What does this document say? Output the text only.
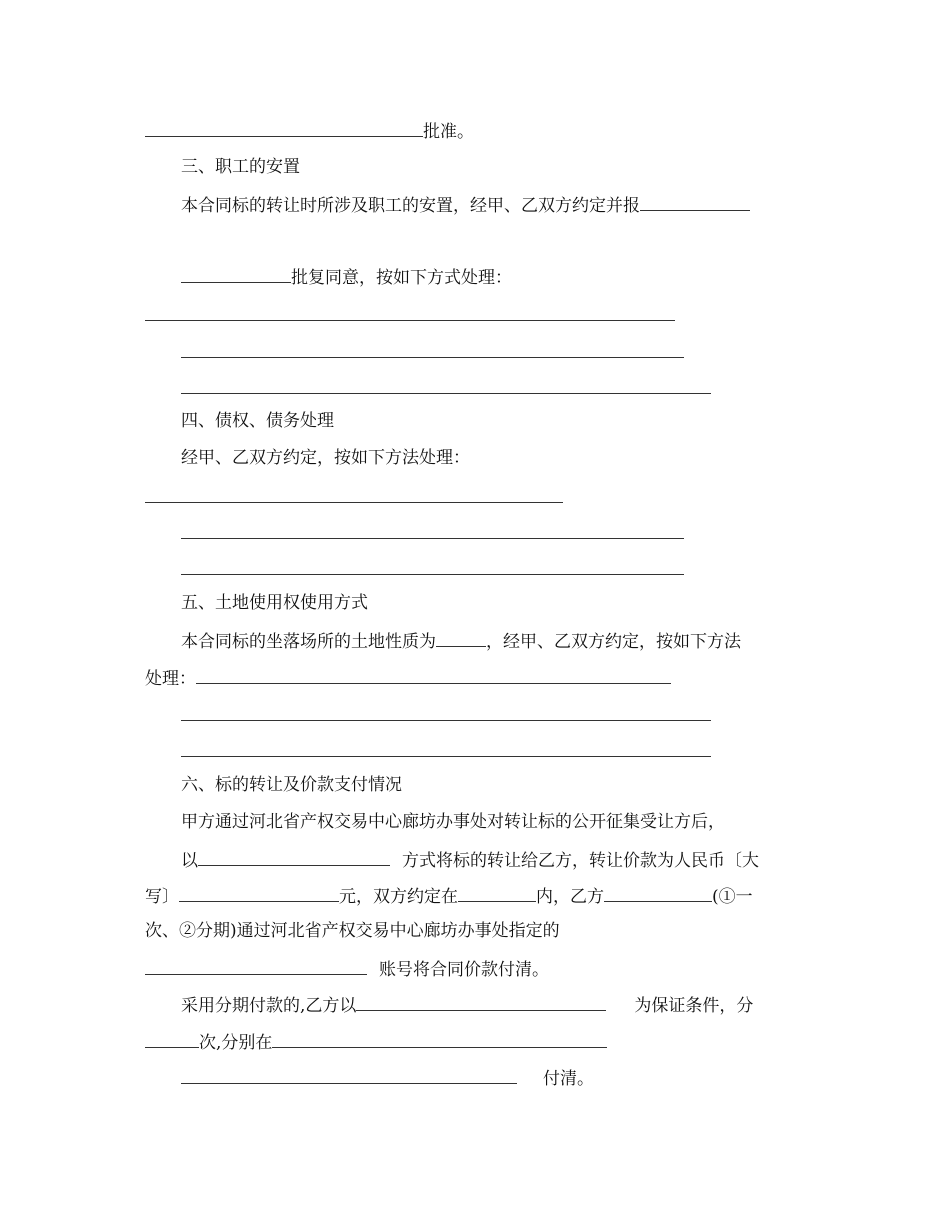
批准。
三、职工的安置
本合同标的转让时所涉及职工的安置，经甲、乙双方约定并报
批复同意，按如下方式处理：
四、债权、债务处理
经甲、乙双方约定，按如下方法处理：
五、土地使用权使用方式
本合同标的坐落场所的土地性质为	，经甲、乙双方约定，按如下方法
处理：
六、标的转让及价款支付情况
甲方通过河北省产权交易中心廊坊办事处对转让标的公开征集受让方后，
以	方式将标的转让给乙方，转让价款为人民币〔大
写〕	元，双方约定在	内，乙方	(①一
次、②分期)通过河北省产权交易中心廊坊办事处指定的
账号将合同价款付清。
采用分期付款的,乙方以	为保证条件，分
次,分别在
付清。
